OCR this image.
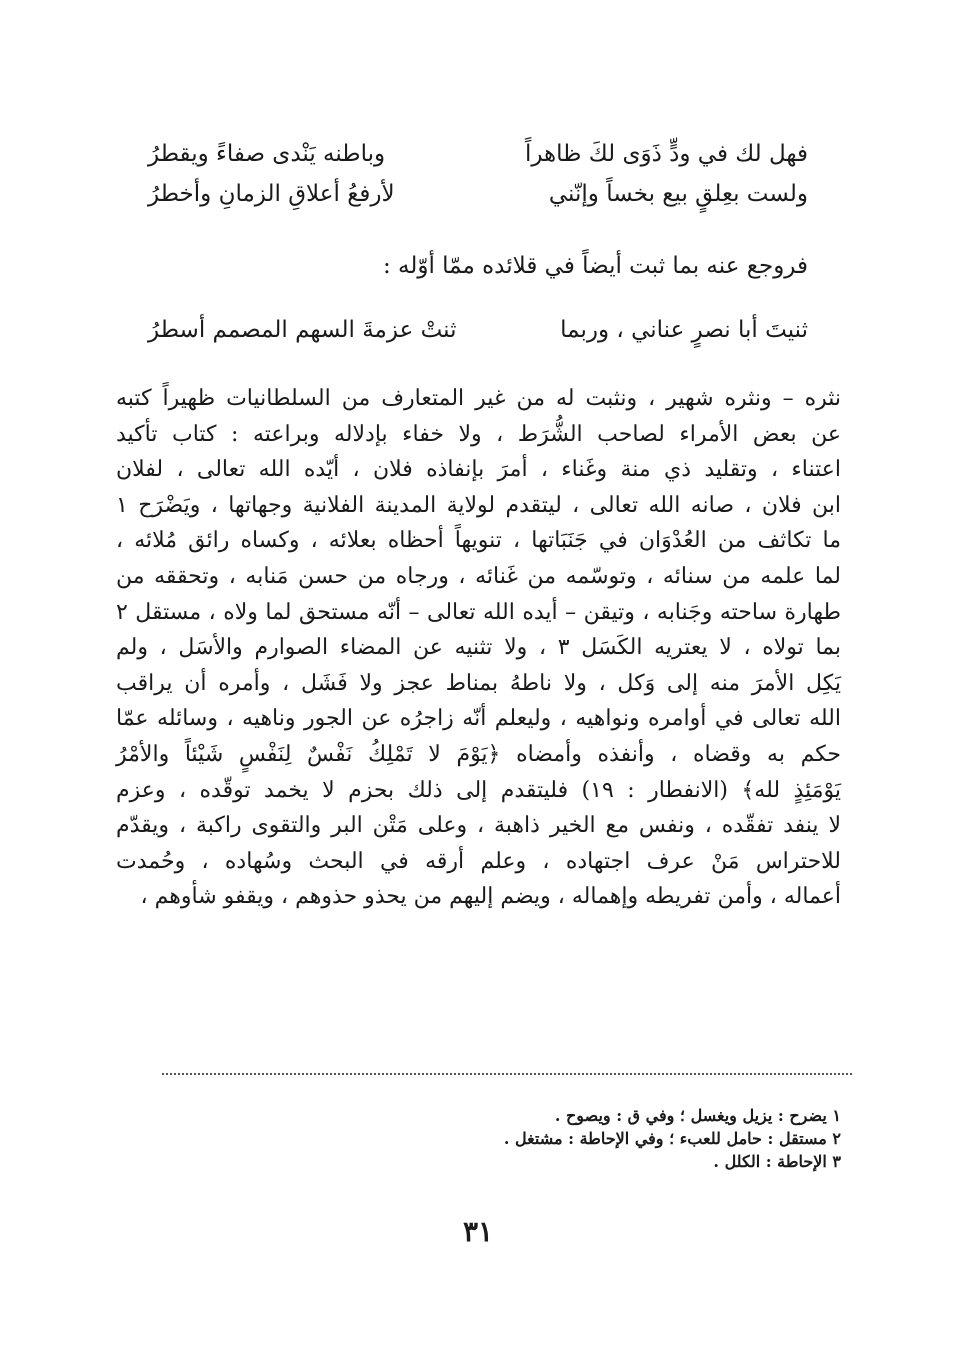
فهل لك في ودٍّ ذَوَى لكَ ظاهراً
وباطنه يَنْدى صفاءً ويقطرُ
ولست بعِلقٍ بيع بخساً وإنّني
لأرفعُ أعلاقِ الزمانِ وأخطرُ
فروجع عنه بما ثبت أيضاً في قلائده ممّا أوّله :
ثنيتَ أبا نصرٍ عناني ، وربما
ثنتْ عزمةَ السهم المصمم أسطرُ
نثره – ونثره شهير ، ونثبت له من غير المتعارف من السلطانيات ظهيراً كتبه
عن بعض الأمراء لصاحب الشُّرَط ، ولا خفاء بإدلاله وبراعته : كتاب تأكيد
اعتناء ، وتقليد ذي منة وغَناء ، أمرَ بإنفاذه فلان ، أيّده الله تعالى ، لفلان
ابن فلان ، صانه الله تعالى ، ليتقدم لولاية المدينة الفلانية وجهاتها ، ويَضْرَح ١
ما تكاثف من العُدْوَان في جَنَبَاتها ، تنويهاً أحظاه بعلائه ، وكساه رائق مُلائه ،
لما علمه من سنائه ، وتوسّمه من غَنائه ، ورجاه من حسن مَنابه ، وتحققه من
طهارة ساحته وجَنابه ، وتيقن – أيده الله تعالى – أنّه مستحق لما ولاه ، مستقل ٢
بما تولاه ، لا يعتريه الكَسَل ٣ ، ولا تثنيه عن المضاء الصوارم والأسَل ، ولم
يَكِل الأمرَ منه إلى وَكل ، ولا ناطهُ بمناط عجز ولا فَشَل ، وأمره أن يراقب
الله تعالى في أوامره ونواهيه ، وليعلم أنّه زاجرُه عن الجور وناهيه ، وسائله عمّا
حكم به وقضاه ، وأنفذه وأمضاه ﴿يَوْمَ لا تَمْلِكُ نَفْسٌ لِنَفْسٍ شَيْئاً والأمْرُ
يَوْمَئِذٍ لله﴾ (الانفطار : ١٩) فليتقدم إلى ذلك بحزم لا يخمد توقّده ، وعزم
لا ينفد تفقّده ، ونفس مع الخير ذاهبة ، وعلى مَتْن البر والتقوى راكبة ، ويقدّم
للاحتراس مَنْ عرف اجتهاده ، وعلم أرقه في البحث وسُهاده ، وحُمدت
أعماله ، وأمن تفريطه وإهماله ، ويضم إليهم من يحذو حذوهم ، ويقفو شأوهم ،
١ يضرح : يزيل ويغسل ؛ وفي ق : ويصوح .
٢ مستقل : حامل للعبء ؛ وفي الإحاطة : مشتغل .
٣ الإحاطة : الكلل .
٣١
